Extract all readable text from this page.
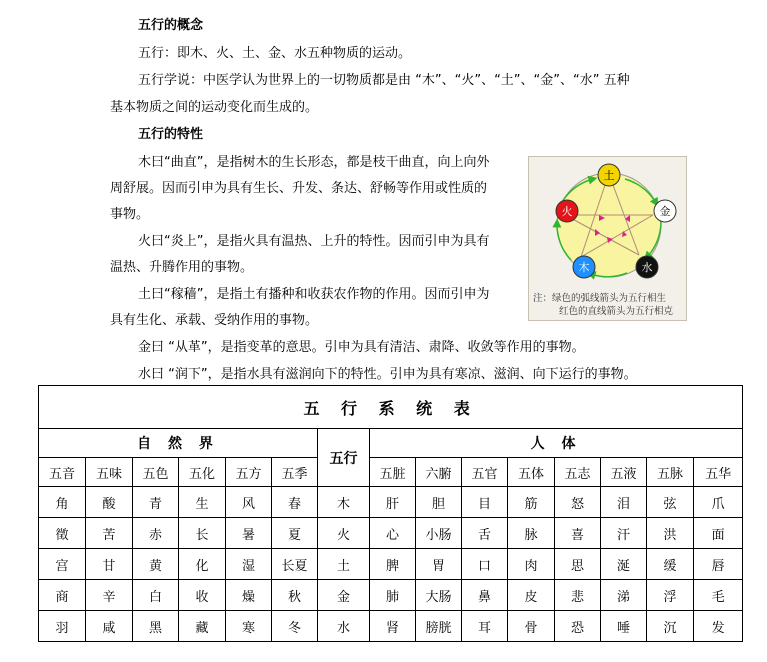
五行的概念
五行：即木、火、土、金、水五种物质的运动。
五行学说：中医学认为世界上的一切物质都是由 “木”、“火”、“土”、“金”、“水” 五种
基本物质之间的运动变化而生成的。
五行的特性
木曰“曲直”，是指树木的生长形态，都是枝干曲直，向上向外
周舒展。因而引申为具有生长、升发、条达、舒畅等作用或性质的
事物。
火曰“炎上”，是指火具有温热、上升的特性。因而引申为具有
温热、升腾作用的事物。
土曰“稼穑”，是指土有播种和收获农作物的作用。因而引申为
具有生化、承载、受纳作用的事物。
金曰 “从革”，是指变革的意思。引申为具有清洁、肃降、收敛等作用的事物。
水曰 “润下”，是指水具有滋润向下的特性。引申为具有寒凉、滋润、向下运行的事物。
土
金
水
木
火
注：绿色的弧线箭头为五行相生
红色的直线箭头为五行相克
五 行 系 统 表														
自 然 界						五行	人 体							
五音	五味	五色	五化	五方	五季		五脏	六腑	五官	五体	五志	五液	五脉	五华
角	酸	青	生	风	春	木	肝	胆	目	筋	怒	泪	弦	爪
徵	苦	赤	长	暑	夏	火	心	小肠	舌	脉	喜	汗	洪	面
宫	甘	黄	化	湿	长夏	土	脾	胃	口	肉	思	涎	缓	唇
商	辛	白	收	燥	秋	金	肺	大肠	鼻	皮	悲	涕	浮	毛
羽	咸	黑	藏	寒	冬	水	肾	膀胱	耳	骨	恐	唾	沉	发
